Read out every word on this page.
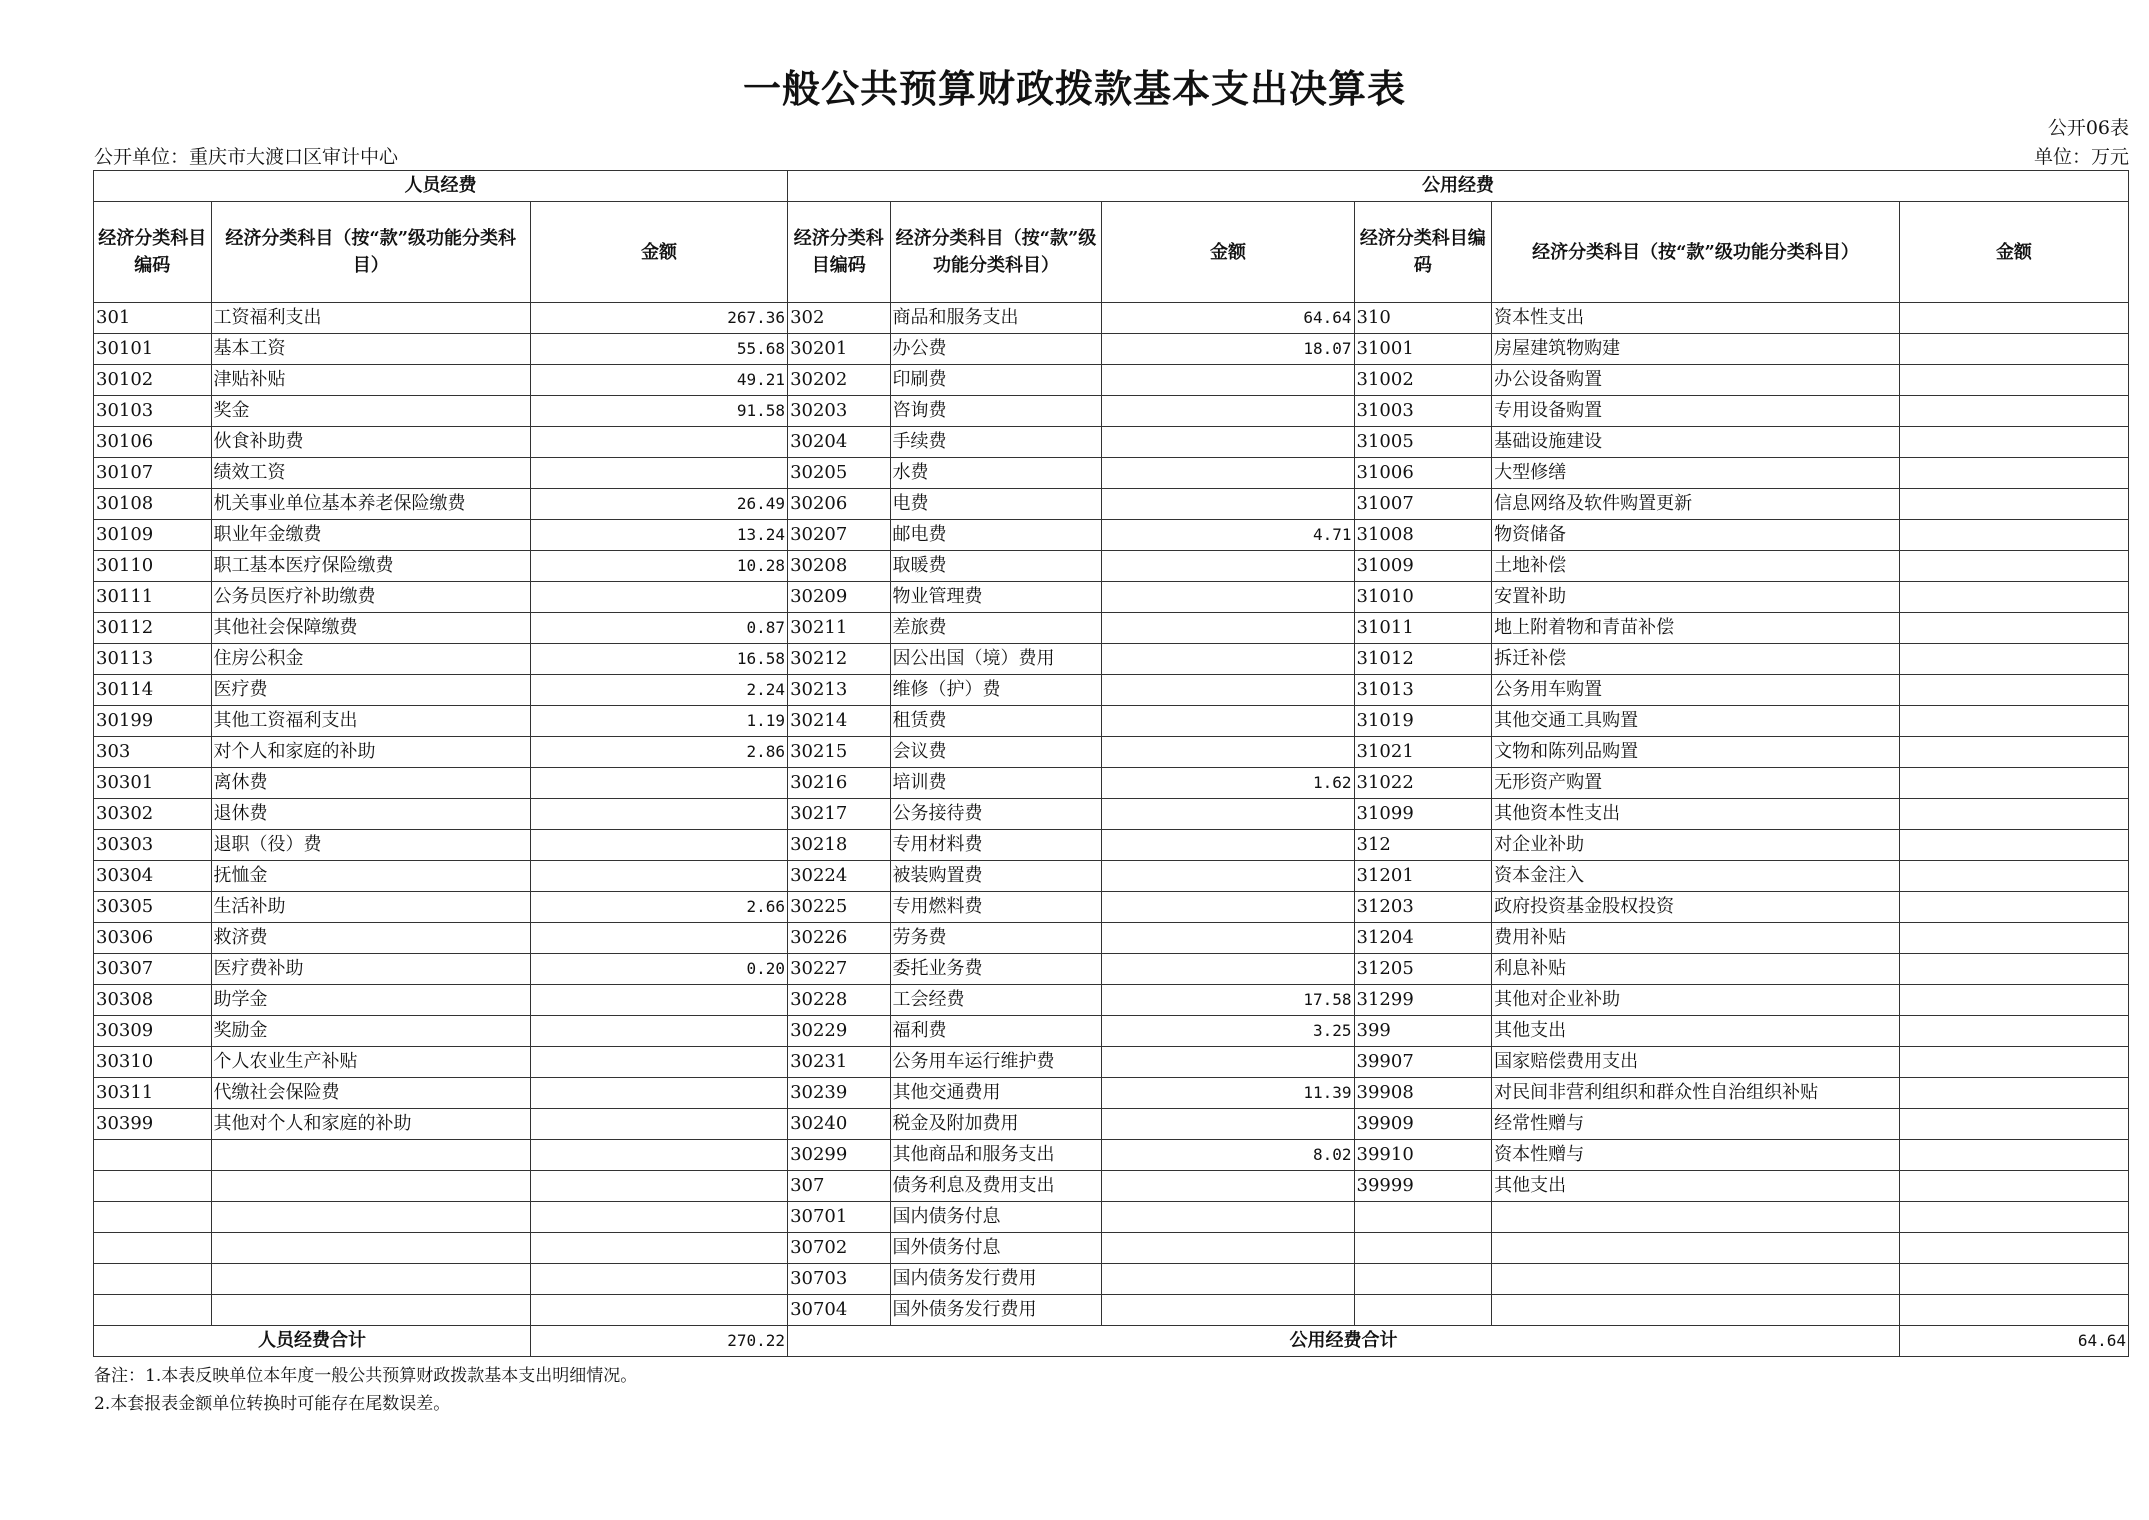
一般公共预算财政拨款基本支出决算表
公开06表
公开单位：重庆市大渡口区审计中心	单位：万元
人员经费			公用经费					
经济分类科目编码	经济分类科目（按“款”级功能分类科目）	金额	经济分类科目编码	经济分类科目（按“款”级功能分类科目）	金额	经济分类科目编码	经济分类科目（按“款”级功能分类科目）	金额
301	工资福利支出	267.36	302	商品和服务支出	64.64	310	资本性支出	
30101	基本工资	55.68	30201	办公费	18.07	31001	房屋建筑物购建	
30102	津贴补贴	49.21	30202	印刷费		31002	办公设备购置	
30103	奖金	91.58	30203	咨询费		31003	专用设备购置	
30106	伙食补助费		30204	手续费		31005	基础设施建设	
30107	绩效工资		30205	水费		31006	大型修缮	
30108	机关事业单位基本养老保险缴费	26.49	30206	电费		31007	信息网络及软件购置更新	
30109	职业年金缴费	13.24	30207	邮电费	4.71	31008	物资储备	
30110	职工基本医疗保险缴费	10.28	30208	取暖费		31009	土地补偿	
30111	公务员医疗补助缴费		30209	物业管理费		31010	安置补助	
30112	其他社会保障缴费	0.87	30211	差旅费		31011	地上附着物和青苗补偿	
30113	住房公积金	16.58	30212	因公出国（境）费用		31012	拆迁补偿	
30114	医疗费	2.24	30213	维修（护）费		31013	公务用车购置	
30199	其他工资福利支出	1.19	30214	租赁费		31019	其他交通工具购置	
303	对个人和家庭的补助	2.86	30215	会议费		31021	文物和陈列品购置	
30301	离休费		30216	培训费	1.62	31022	无形资产购置	
30302	退休费		30217	公务接待费		31099	其他资本性支出	
30303	退职（役）费		30218	专用材料费		312	对企业补助	
30304	抚恤金		30224	被装购置费		31201	资本金注入	
30305	生活补助	2.66	30225	专用燃料费		31203	政府投资基金股权投资	
30306	救济费		30226	劳务费		31204	费用补贴	
30307	医疗费补助	0.20	30227	委托业务费		31205	利息补贴	
30308	助学金		30228	工会经费	17.58	31299	其他对企业补助	
30309	奖励金		30229	福利费	3.25	399	其他支出	
30310	个人农业生产补贴		30231	公务用车运行维护费		39907	国家赔偿费用支出	
30311	代缴社会保险费		30239	其他交通费用	11.39	39908	对民间非营利组织和群众性自治组织补贴	
30399	其他对个人和家庭的补助		30240	税金及附加费用		39909	经常性赠与	
			30299	其他商品和服务支出	8.02	39910	资本性赠与	
			307	债务利息及费用支出		39999	其他支出	
			30701	国内债务付息				
			30702	国外债务付息				
			30703	国内债务发行费用				
			30704	国外债务发行费用				
人员经费合计		270.22	公用经费合计					64.64
备注：1.本表反映单位本年度一般公共预算财政拨款基本支出明细情况。
2.本套报表金额单位转换时可能存在尾数误差。
